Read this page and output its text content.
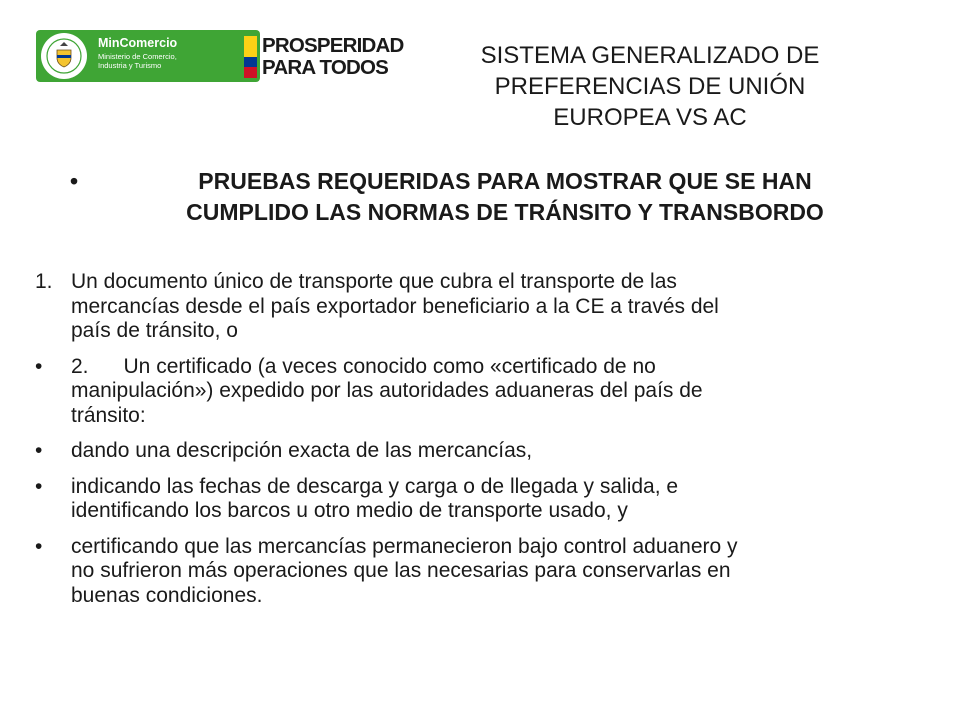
MinComercio
Ministerio de Comercio,
Industria y Turismo
PROSPERIDAD
PARA TODOS	SISTEMA GENERALIZADO DE
PREFERENCIAS DE UNIÓN
EUROPEA VS AC
•	PRUEBAS REQUERIDAS PARA MOSTRAR QUE SE HAN
CUMPLIDO LAS NORMAS DE TRÁNSITO Y TRANSBORDO
1. Un documento único de transporte que cubra el transporte de las
mercancías desde el país exportador beneficiario a la CE a través del
país de tránsito, o
• 2.      Un certificado (a veces conocido como «certificado de no
manipulación») expedido por las autoridades aduaneras del país de
tránsito:
• dando una descripción exacta de las mercancías,
• indicando las fechas de descarga y carga o de llegada y salida, e
identificando los barcos u otro medio de transporte usado, y
• certificando que las mercancías permanecieron bajo control aduanero y
no sufrieron más operaciones que las necesarias para conservarlas en
buenas condiciones.
